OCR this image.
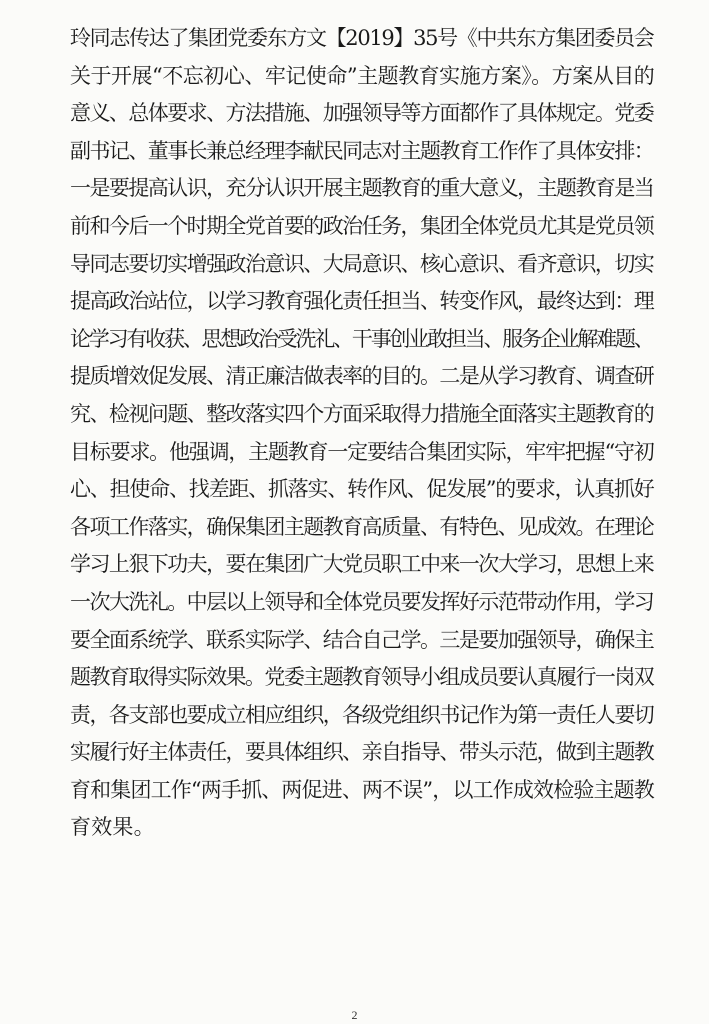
玲同志传达了集团党委东方文【2019】35号《中共东方集团委员会
关于开展“不忘初心、牢记使命”主题教育实施方案》。方案从目的
意义、总体要求、方法措施、加强领导等方面都作了具体规定。党委
副书记、董事长兼总经理李献民同志对主题教育工作作了具体安排：
一是要提高认识，充分认识开展主题教育的重大意义，主题教育是当
前和今后一个时期全党首要的政治任务，集团全体党员尤其是党员领
导同志要切实增强政治意识、大局意识、核心意识、看齐意识，切实
提高政治站位，以学习教育强化责任担当、转变作风，最终达到：理
论学习有收获、思想政治受洗礼、干事创业敢担当、服务企业解难题、
提质增效促发展、清正廉洁做表率的目的。二是从学习教育、调查研
究、检视问题、整改落实四个方面采取得力措施全面落实主题教育的
目标要求。他强调，主题教育一定要结合集团实际，牢牢把握“守初
心、担使命、找差距、抓落实、转作风、促发展”的要求，认真抓好
各项工作落实，确保集团主题教育高质量、有特色、见成效。在理论
学习上狠下功夫，要在集团广大党员职工中来一次大学习，思想上来
一次大洗礼。中层以上领导和全体党员要发挥好示范带动作用，学习
要全面系统学、联系实际学、结合自己学。三是要加强领导，确保主
题教育取得实际效果。党委主题教育领导小组成员要认真履行一岗双
责，各支部也要成立相应组织，各级党组织书记作为第一责任人要切
实履行好主体责任，要具体组织、亲自指导、带头示范，做到主题教
育和集团工作“两手抓、两促进、两不误”，以工作成效检验主题教
育效果。
2
